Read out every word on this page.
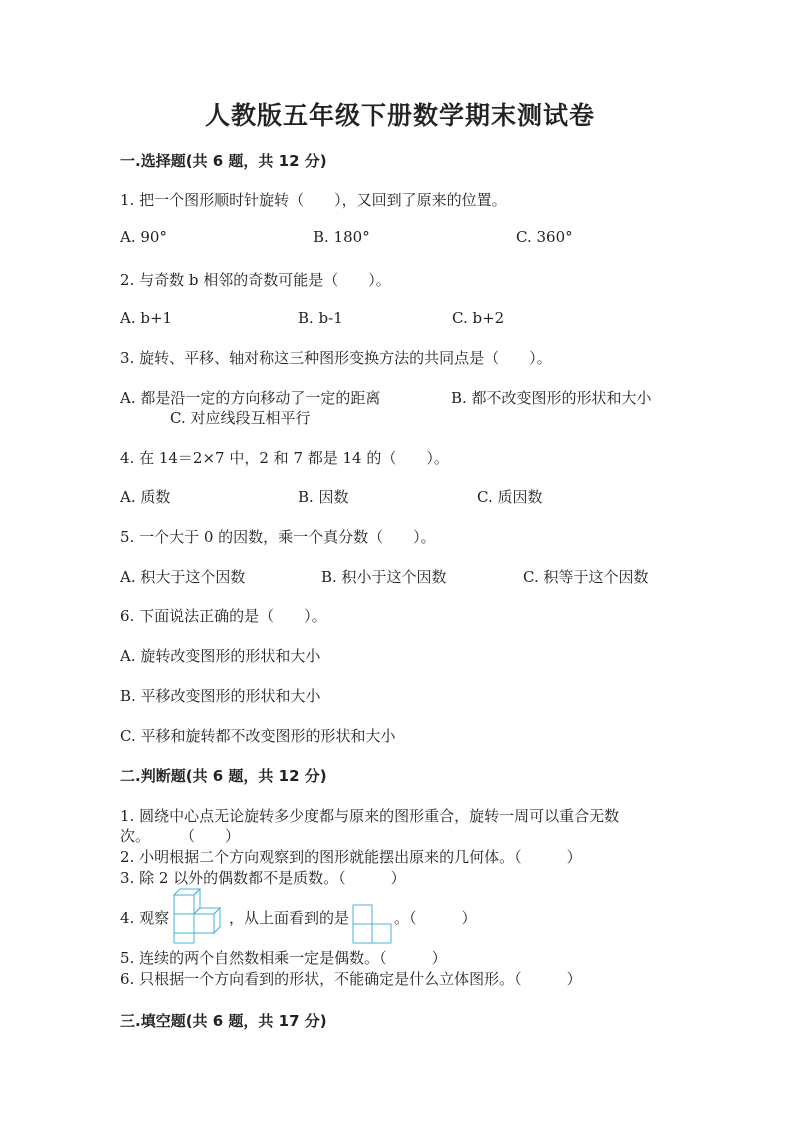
人教版五年级下册数学期末测试卷
一.选择题(共 6 题，共 12 分)
1. 把一个图形顺时针旋转（　　），又回到了原来的位置。
A. 90°	B. 180°	C. 360°
2. 与奇数 b 相邻的奇数可能是（　　）。
A. b+1	B. b-1	C. b+2
3. 旋转、平移、轴对称这三种图形变换方法的共同点是（　　）。
A. 都是沿一定的方向移动了一定的距离	B. 都不改变图形的形状和大小
C. 对应线段互相平行
4. 在 14＝2×7 中，2 和 7 都是 14 的（　　）。
A. 质数	B. 因数	C. 质因数
5. 一个大于 0 的因数，乘一个真分数（　　）。
A. 积大于这个因数	B. 积小于这个因数	C. 积等于这个因数
6. 下面说法正确的是（　　）。
A. 旋转改变图形的形状和大小
B. 平移改变图形的形状和大小
C. 平移和旋转都不改变图形的形状和大小
二.判断题(共 6 题，共 12 分)
1. 圆绕中心点无论旋转多少度都与原来的图形重合，旋转一周可以重合无数
次。　　　（　　）
2. 小明根据二个方向观察到的图形就能摆出原来的几何体。（　　　）
3. 除 2 以外的偶数都不是质数。（　　　）
4. 观察	，从上面看到的是	。（　　　）
5. 连续的两个自然数相乘一定是偶数。（　　　）
6. 只根据一个方向看到的形状，不能确定是什么立体图形。（　　　）
三.填空题(共 6 题，共 17 分)
